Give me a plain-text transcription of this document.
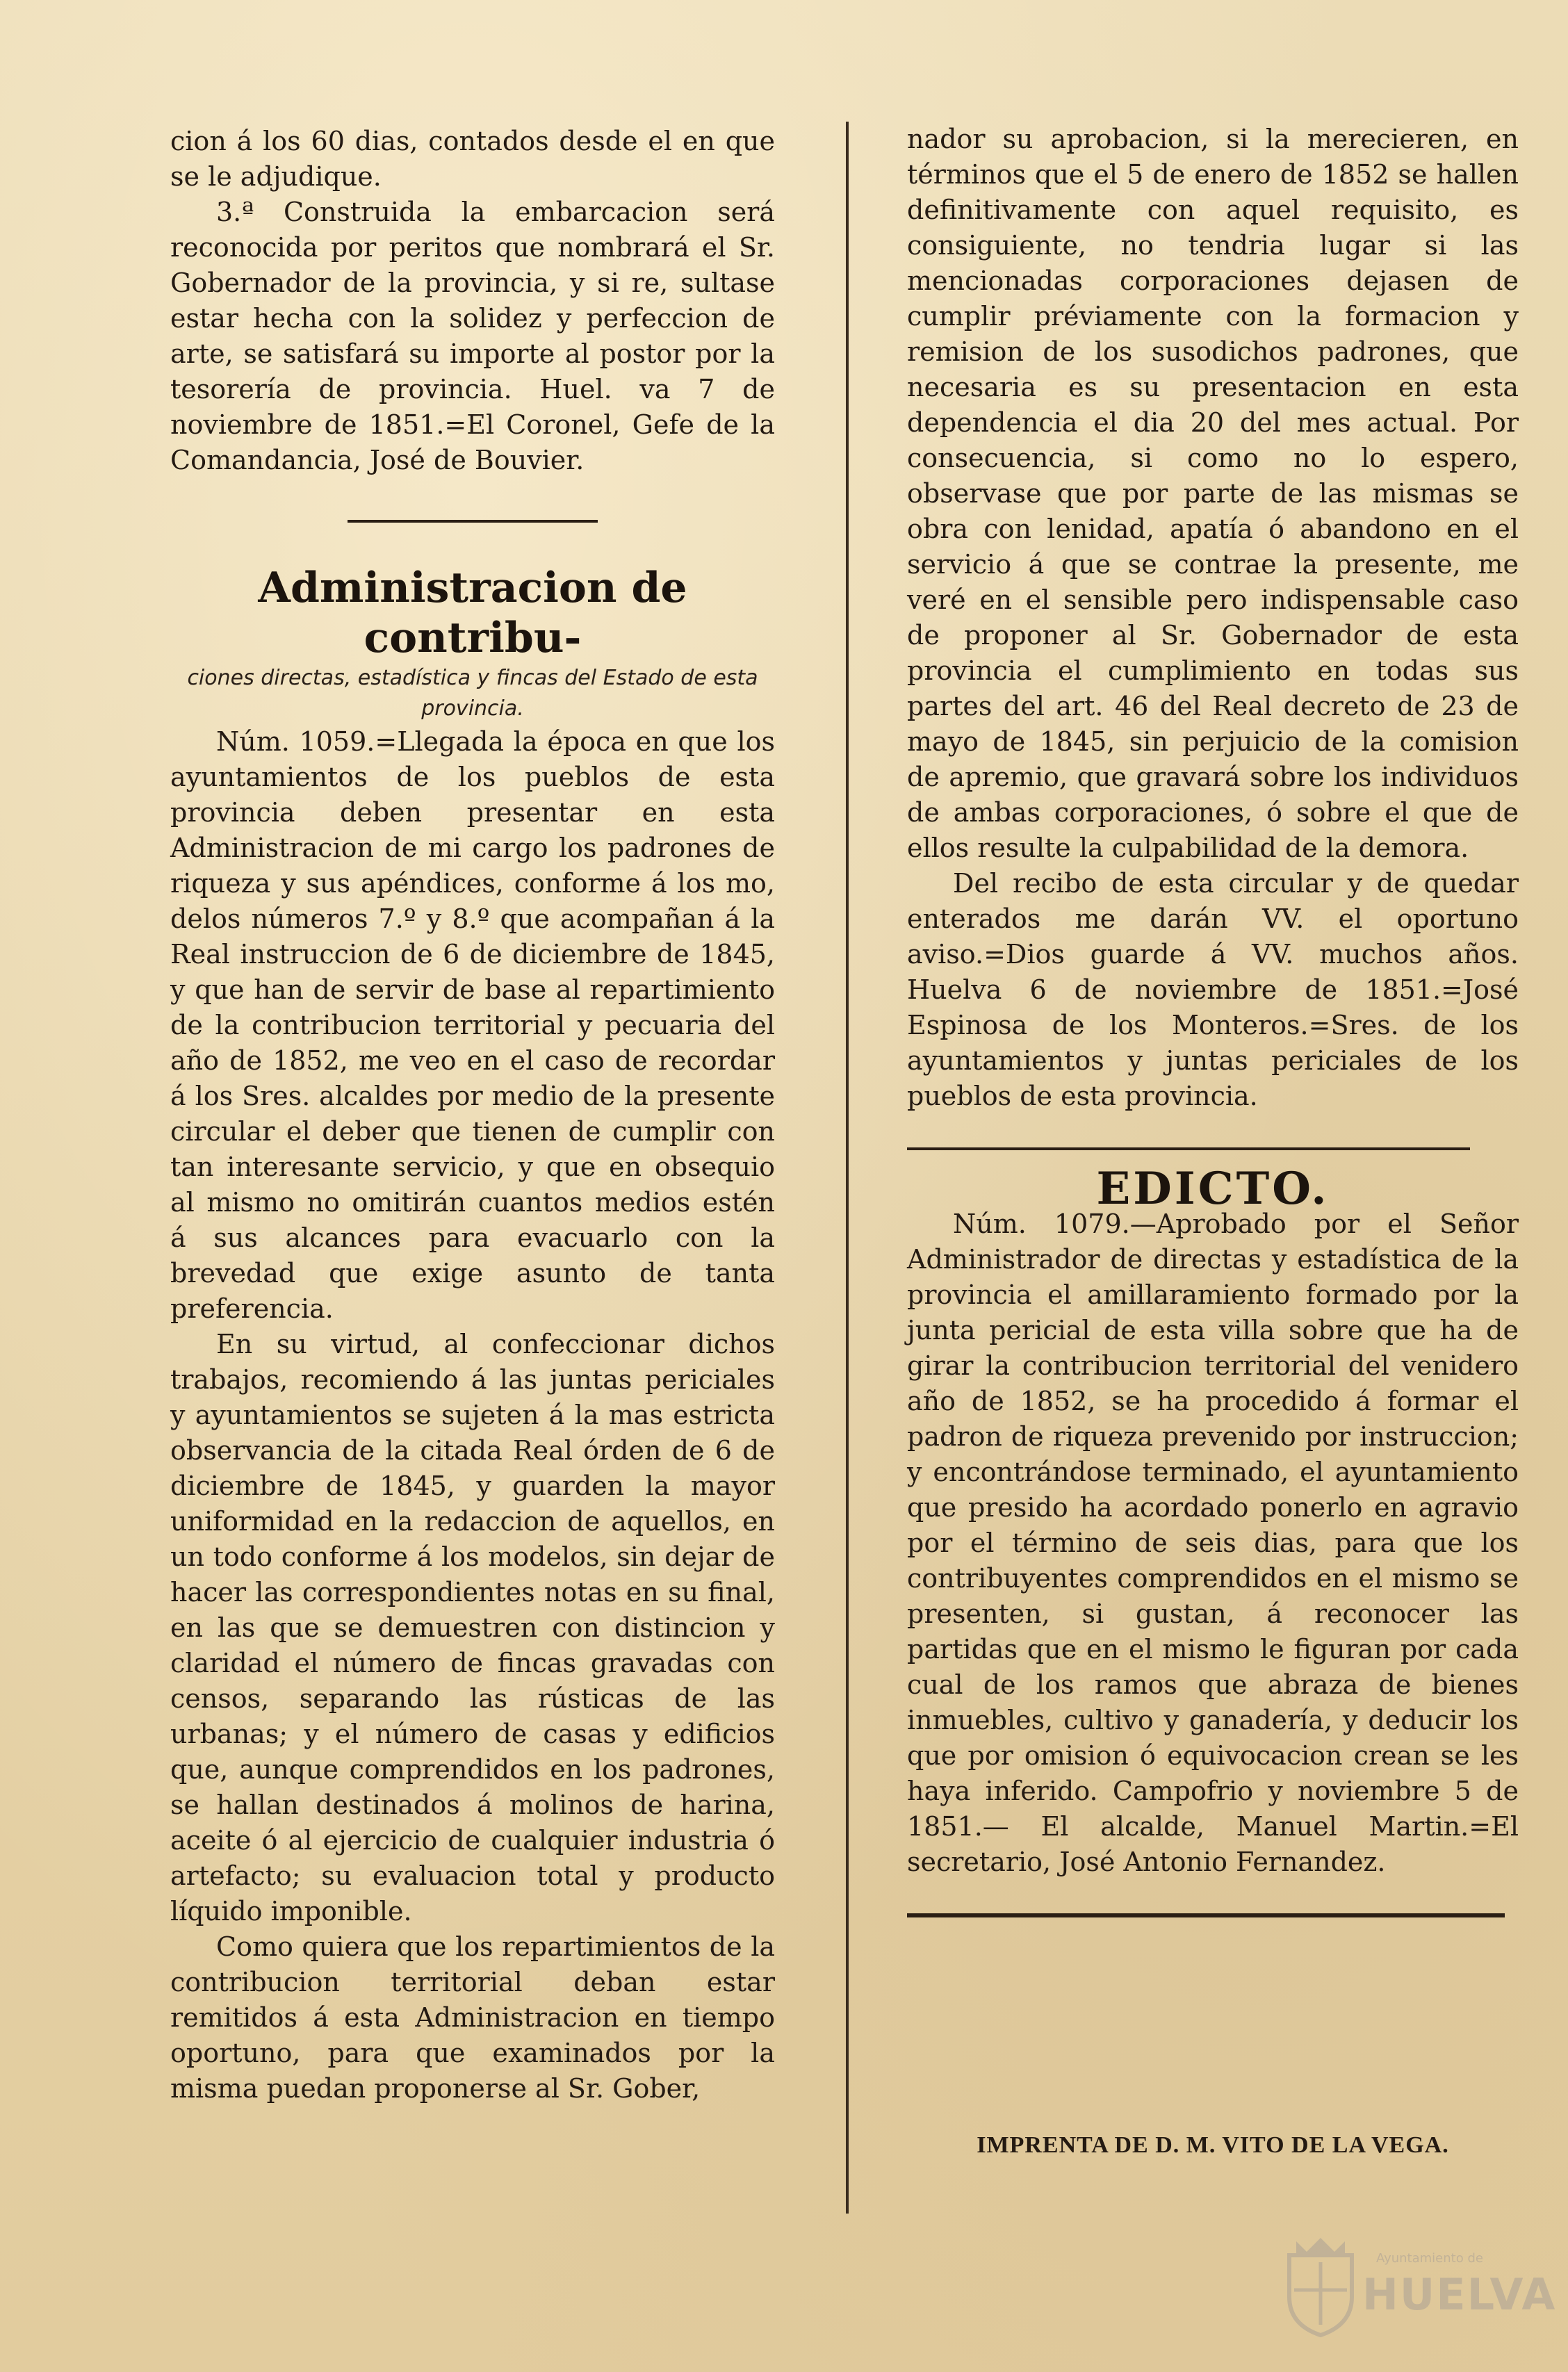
cion á los 60 dias, contados desde el en que se le adjudique.

3.ª Construida la embarcacion será reconocida por peritos que nombrará el Sr. Gobernador de la provincia, y si re, sultase estar hecha con la solidez y perfeccion de arte, se satisfará su importe al postor por la tesorería de provincia. Huel. va 7 de noviembre de 1851.=El Coronel, Gefe de la Comandancia, José de Bouvier.

Administracion de contribu-

ciones directas, estadística y fincas del Estado de esta provincia.

Núm. 1059.=Llegada la época en que los ayuntamientos de los pueblos de esta provincia deben presentar en esta Administracion de mi cargo los padrones de riqueza y sus apéndices, conforme á los mo, delos números 7.º y 8.º que acompañan á la Real instruccion de 6 de diciembre de 1845, y que han de servir de base al repartimiento de la contribucion territorial y pecuaria del año de 1852, me veo en el caso de recordar á los Sres. alcaldes por medio de la presente circular el deber que tienen de cumplir con tan interesante servicio, y que en obsequio al mismo no omitirán cuantos medios estén á sus alcances para evacuarlo con la brevedad que exige asunto de tanta preferencia.

En su virtud, al confeccionar dichos trabajos, recomiendo á las juntas periciales y ayuntamientos se sujeten á la mas estricta observancia de la citada Real órden de 6 de diciembre de 1845, y guarden la mayor uniformidad en la redaccion de aquellos, en un todo conforme á los modelos, sin dejar de hacer las correspondientes notas en su final, en las que se demuestren con distincion y claridad el número de fincas gravadas con censos, separando las rústicas de las urbanas; y el número de casas y edificios que, aunque comprendidos en los padrones, se hallan destinados á molinos de harina, aceite ó al ejercicio de cualquier industria ó artefacto; su evaluacion total y producto líquido imponible.

Como quiera que los repartimientos de la contribucion territorial deban estar remitidos á esta Administracion en tiempo oportuno, para que examinados por la misma puedan proponerse al Sr. Gober,

nador su aprobacion, si la merecieren, en términos que el 5 de enero de 1852 se hallen definitivamente con aquel requisito, es consiguiente, no tendria lugar si las mencionadas corporaciones dejasen de cumplir préviamente con la formacion y remision de los susodichos padrones, que necesaria es su presentacion en esta dependencia el dia 20 del mes actual. Por consecuencia, si como no lo espero, observase que por parte de las mismas se obra con lenidad, apatía ó abandono en el servicio á que se contrae la presente, me veré en el sensible pero indispensable caso de proponer al Sr. Gobernador de esta provincia el cumplimiento en todas sus partes del art. 46 del Real decreto de 23 de mayo de 1845, sin perjuicio de la comision de apremio, que gravará sobre los individuos de ambas corporaciones, ó sobre el que de ellos resulte la culpabilidad de la demora.

Del recibo de esta circular y de quedar enterados me darán VV. el oportuno aviso.=Dios guarde á VV. muchos años. Huelva 6 de noviembre de 1851.=José Espinosa de los Monteros.=Sres. de los ayuntamientos y juntas periciales de los pueblos de esta provincia.

EDICTO.

Núm. 1079.—Aprobado por el Señor Administrador de directas y estadística de la provincia el amillaramiento formado por la junta pericial de esta villa sobre que ha de girar la contribucion territorial del venidero año de 1852, se ha procedido á formar el padron de riqueza prevenido por instruccion; y encontrándose terminado, el ayuntamiento que presido ha acordado ponerlo en agravio por el término de seis dias, para que los contribuyentes comprendidos en el mismo se presenten, si gustan, á reconocer las partidas que en el mismo le figuran por cada cual de los ramos que abraza de bienes inmuebles, cultivo y ganadería, y deducir los que por omision ó equivocacion crean se les haya inferido. Campofrio y noviembre 5 de 1851.— El alcalde, Manuel Martin.=El secretario, José Antonio Fernandez.

IMPRENTA DE D. M. VITO DE LA VEGA.
Ayuntamiento de
HUELVA
